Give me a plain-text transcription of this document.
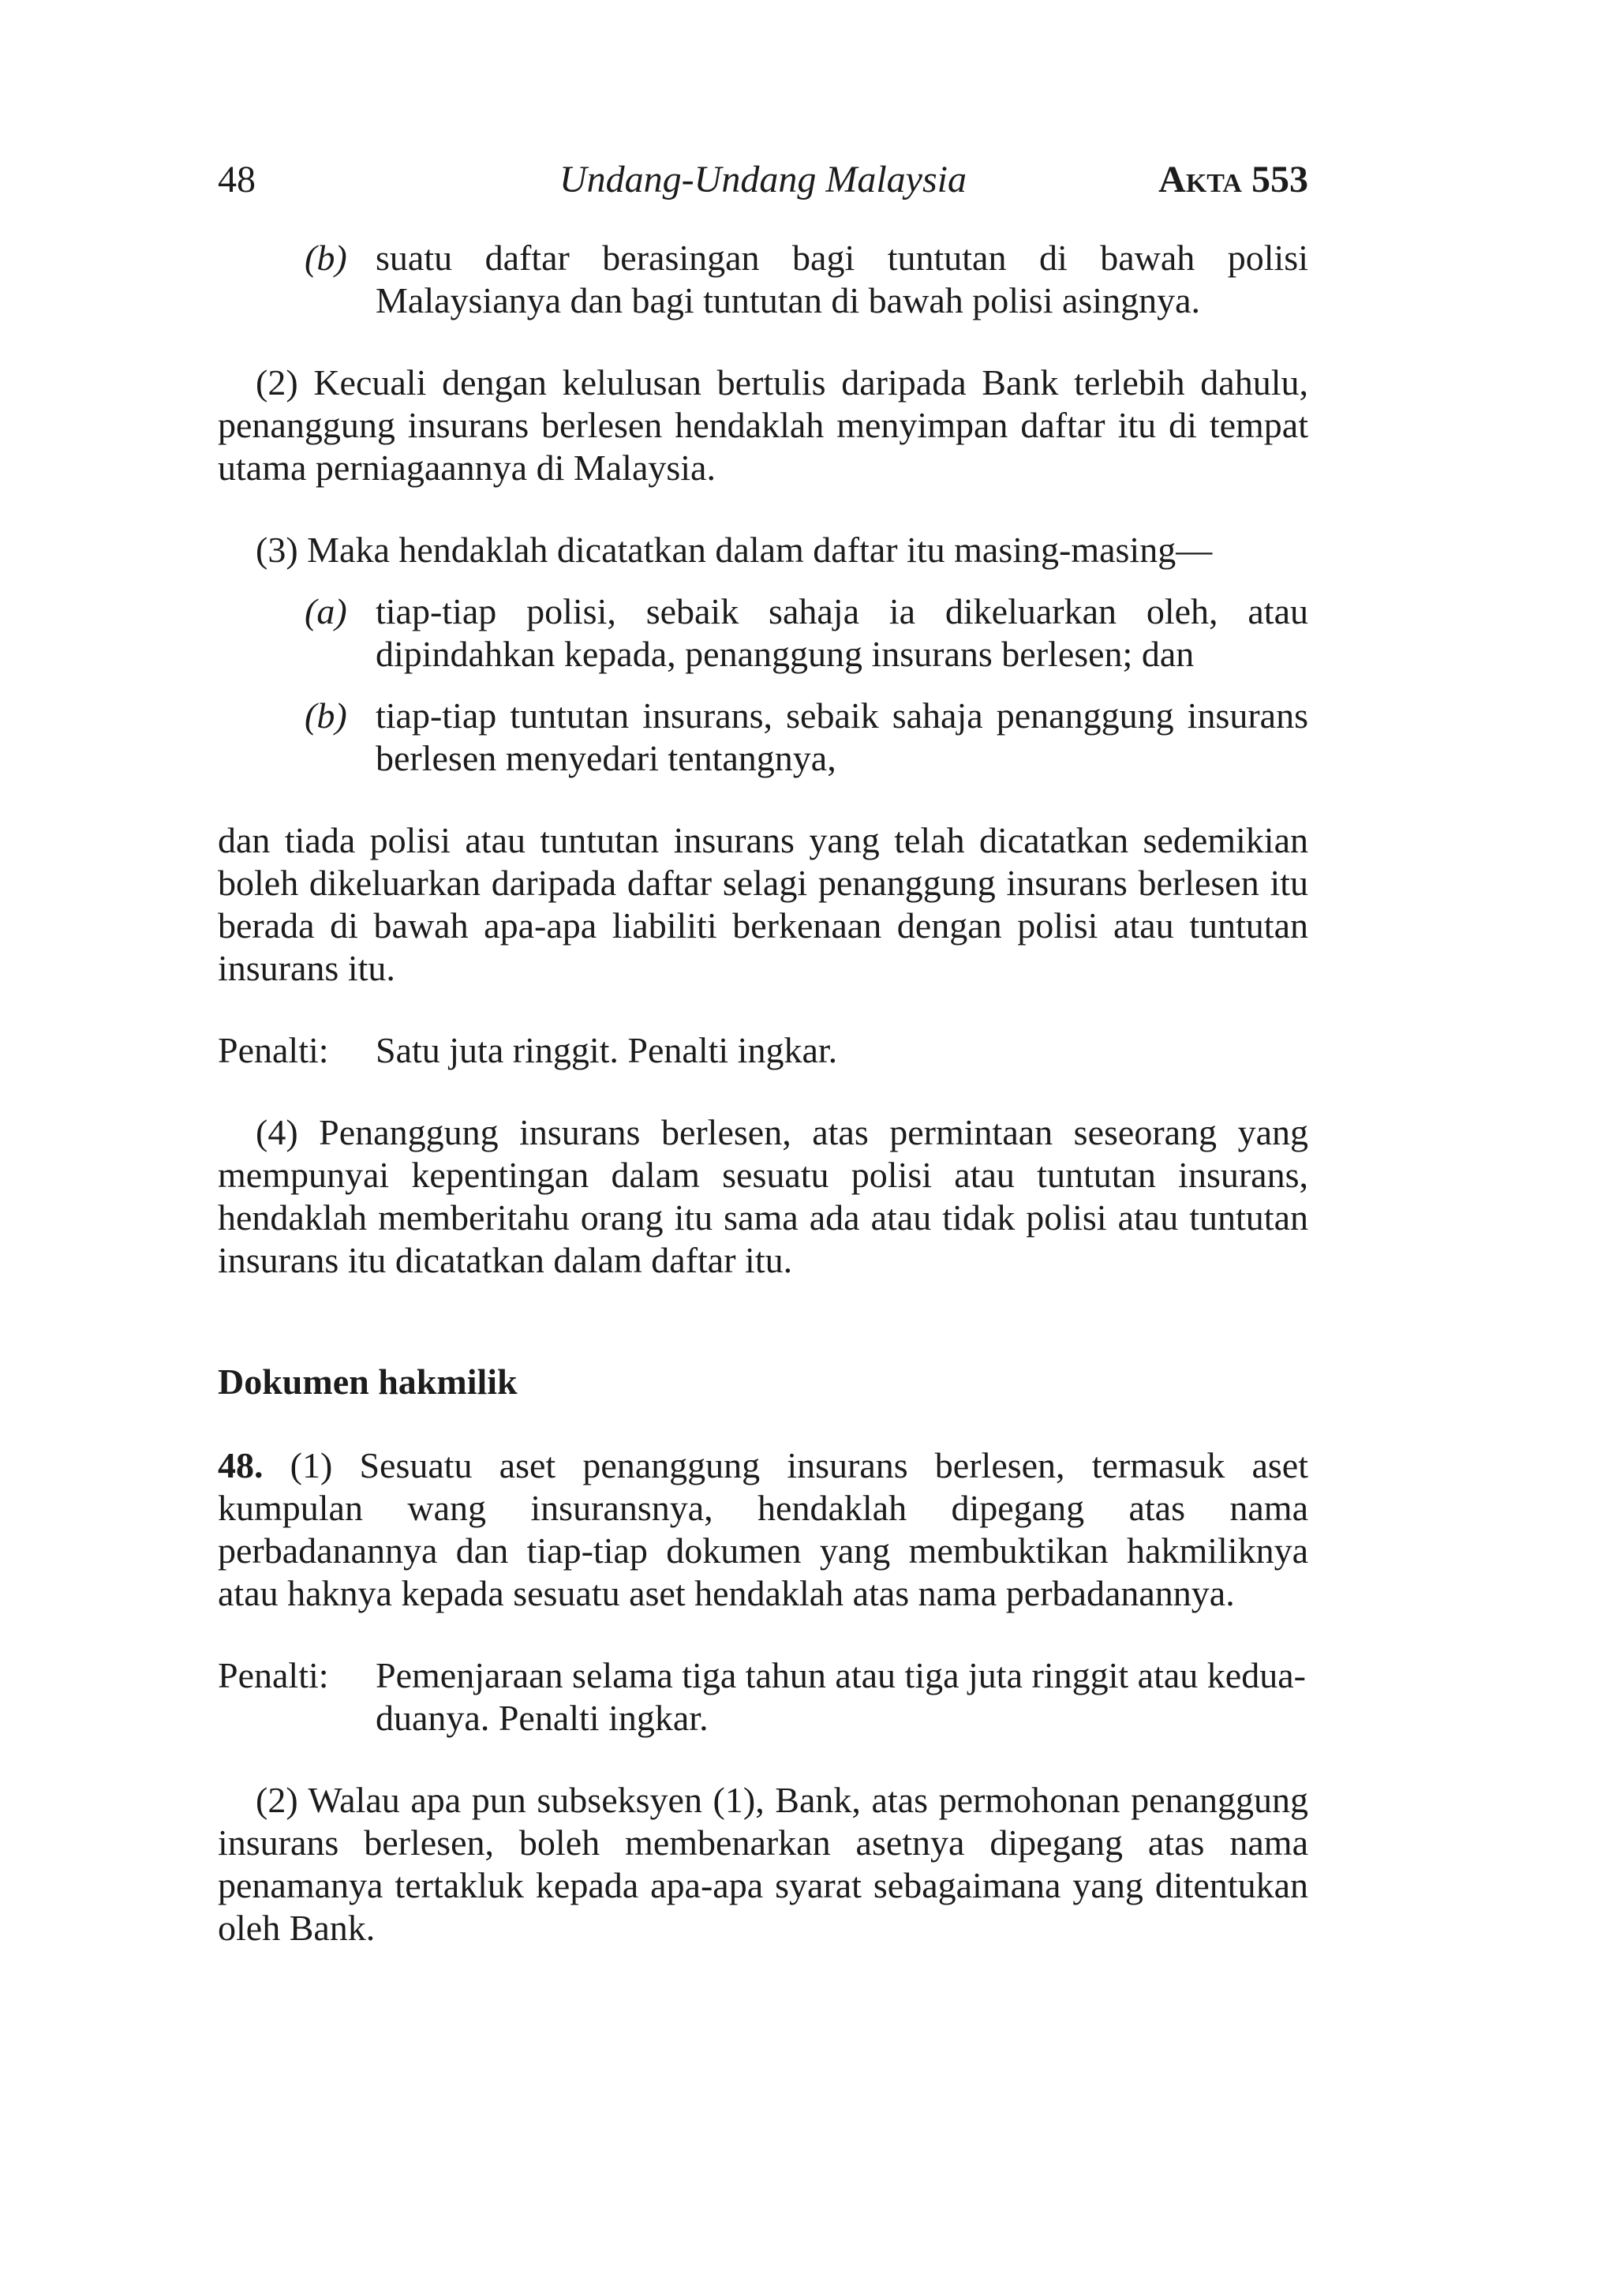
48	Undang-Undang Malaysia	Akta 553
(b) suatu daftar berasingan bagi tuntutan di bawah polisi Malaysianya dan bagi tuntutan di bawah polisi asingnya.

(2) Kecuali dengan kelulusan bertulis daripada Bank terlebih dahulu, penanggung insurans berlesen hendaklah menyimpan daftar itu di tempat utama perniagaannya di Malaysia.

(3) Maka hendaklah dicatatkan dalam daftar itu masing-masing—

(a) tiap-tiap polisi, sebaik sahaja ia dikeluarkan oleh, atau dipindahkan kepada, penanggung insurans berlesen; dan
(b) tiap-tiap tuntutan insurans, sebaik sahaja penanggung insurans berlesen menyedari tentangnya,

dan tiada polisi atau tuntutan insurans yang telah dicatatkan sedemikian boleh dikeluarkan daripada daftar selagi penanggung insurans berlesen itu berada di bawah apa-apa liabiliti berkenaan dengan polisi atau tuntutan insurans itu.

Penalti: Satu juta ringgit. Penalti ingkar.

(4) Penanggung insurans berlesen, atas permintaan seseorang yang mempunyai kepentingan dalam sesuatu polisi atau tuntutan insurans, hendaklah memberitahu orang itu sama ada atau tidak polisi atau tuntutan insurans itu dicatatkan dalam daftar itu.

Dokumen hakmilik

48. (1) Sesuatu aset penanggung insurans berlesen, termasuk aset kumpulan wang insuransnya, hendaklah dipegang atas nama perbadanannya dan tiap-tiap dokumen yang membuktikan hakmiliknya atau haknya kepada sesuatu aset hendaklah atas nama perbadanannya.

Penalti: Pemenjaraan selama tiga tahun atau tiga juta ringgit atau kedua-duanya. Penalti ingkar.

(2) Walau apa pun subseksyen (1), Bank, atas permohonan penanggung insurans berlesen, boleh membenarkan asetnya dipegang atas nama penamanya tertakluk kepada apa-apa syarat sebagaimana yang ditentukan oleh Bank.
